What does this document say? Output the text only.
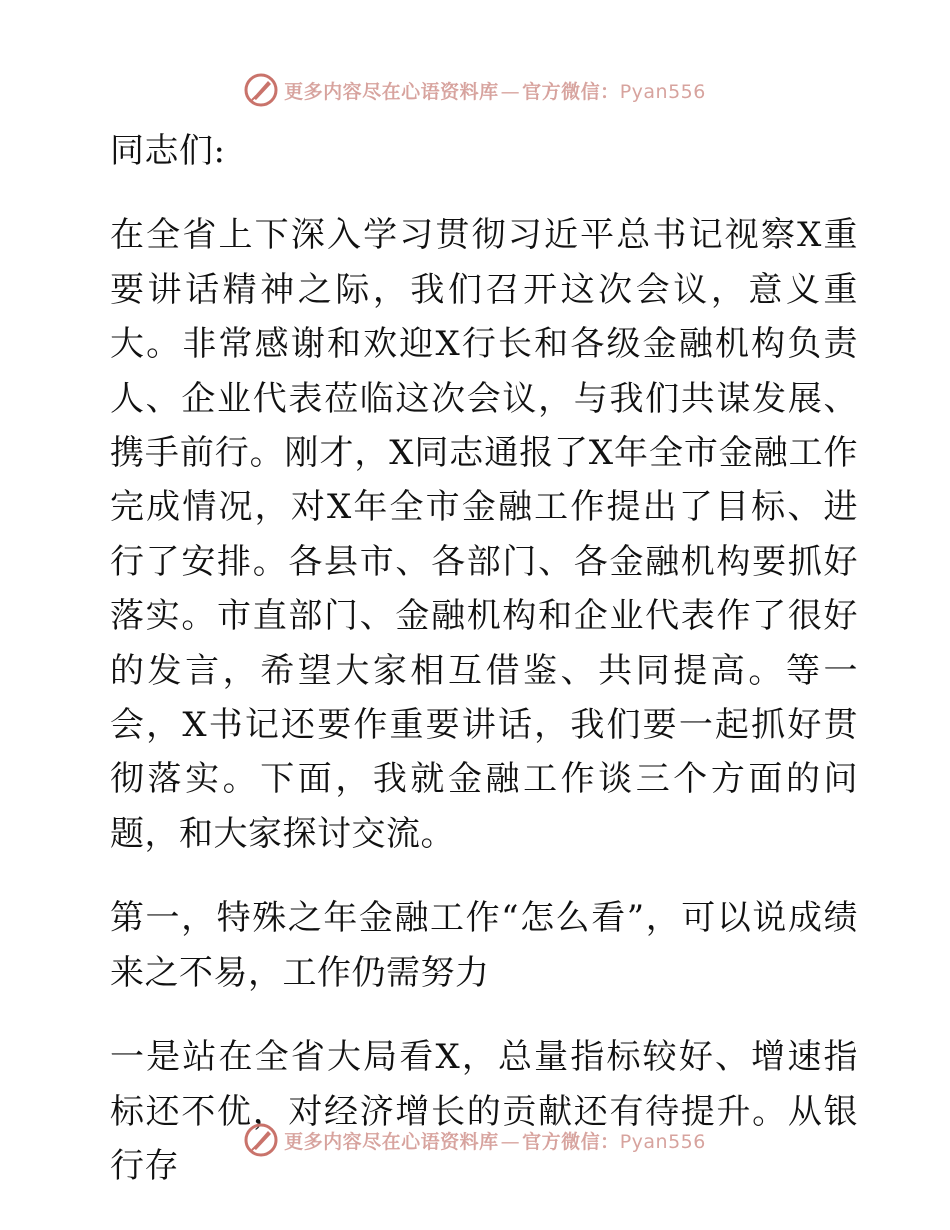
更多内容尽在心语资料库 — 官方微信：Pyan556

同志们:

在全省上下深入学习贯彻习近平总书记视察X重要讲话精神之际，我们召开这次会议，意义重大。非常感谢和欢迎X行长和各级金融机构负责人、企业代表莅临这次会议，与我们共谋发展、携手前行。刚才，X同志通报了X年全市金融工作完成情况，对X年全市金融工作提出了目标、进行了安排。各县市、各部门、各金融机构要抓好落实。市直部门、金融机构和企业代表作了很好的发言，希望大家相互借鉴、共同提高。等一会，X书记还要作重要讲话，我们要一起抓好贯彻落实。下面，我就金融工作谈三个方面的问题，和大家探讨交流。

第一，特殊之年金融工作“怎么看”，可以说成绩来之不易，工作仍需努力

一是站在全省大局看X，总量指标较好、增速指标还不优，对经济增长的贡献还有待提升。从银行存

更多内容尽在心语资料库 — 官方微信：Pyan556
